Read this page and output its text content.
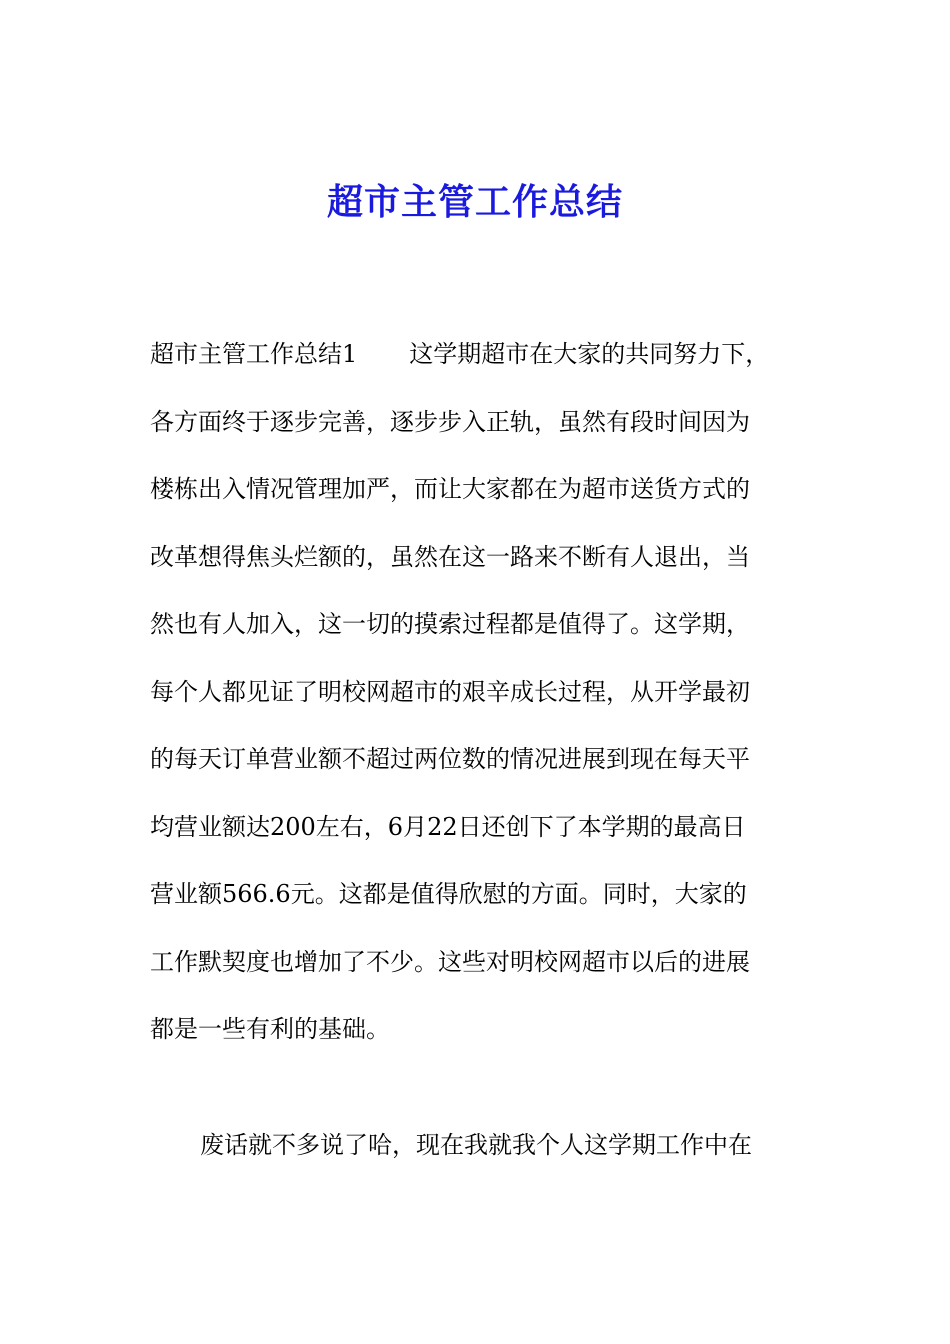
超市主管工作总结
超市主管工作总结1 这学期超市在大家的共同努力下，
各方面终于逐步完善，逐步步入正轨，虽然有段时间因为
楼栋出入情况管理加严，而让大家都在为超市送货方式的
改革想得焦头烂额的，虽然在这一路来不断有人退出，当
然也有人加入，这一切的摸索过程都是值得了。这学期，
每个人都见证了明校网超市的艰辛成长过程，从开学最初
的每天订单营业额不超过两位数的情况进展到现在每天平
均营业额达200左右，6月22日还创下了本学期的最高日
营业额566.6元。这都是值得欣慰的方面。同时，大家的
工作默契度也增加了不少。这些对明校网超市以后的进展
都是一些有利的基础。
废话就不多说了哈，现在我就我个人这学期工作中在
